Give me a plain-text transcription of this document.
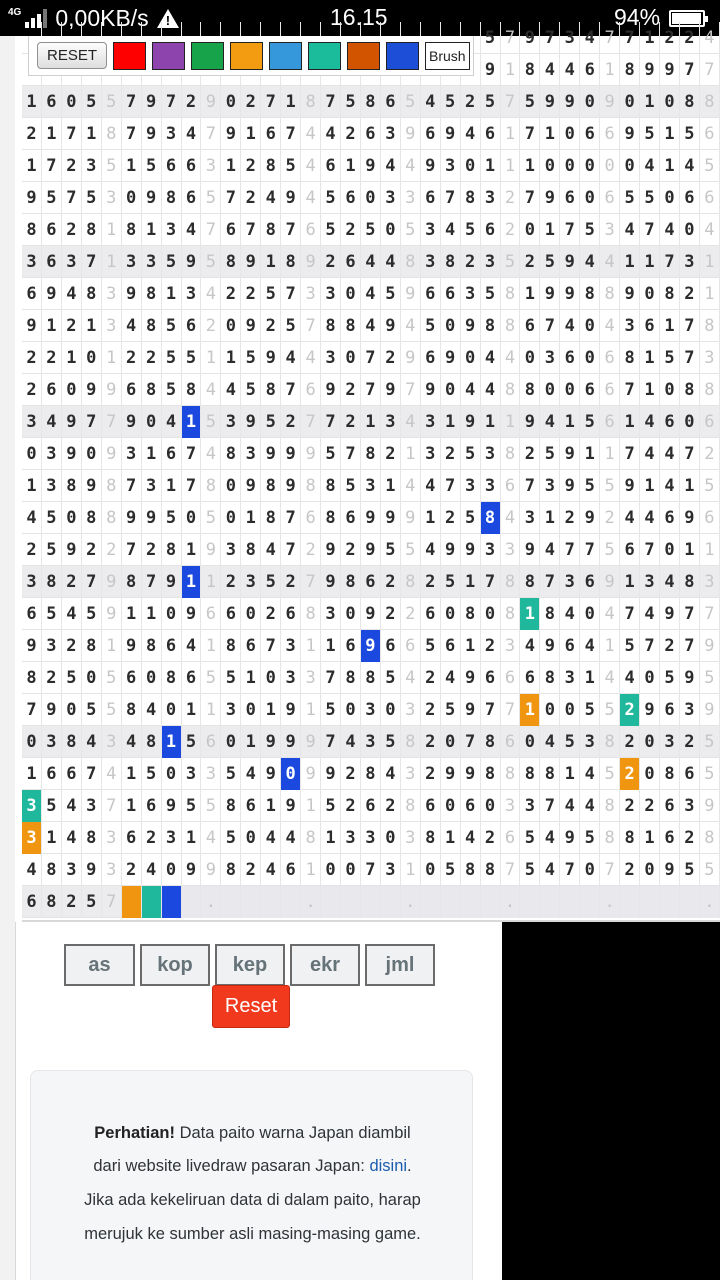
4G 0,00KB/s !	16.15	94%
5 7 9 7 3 4 7 7 1 2 2 4
9 1 8 4 4 6 1 8 9 9 7 7
1 6 0 5 5 7 9 7 2 9 0 2 7 1 8 7 5 8 6 5 4 5 2 5 7 5 9 9 0 9 0 1 0 8 8
2 1 7 1 8 7 9 3 4 7 9 1 6 7 4 4 2 6 3 9 6 9 4 6 1 7 1 0 6 6 9 5 1 5 6
1 7 2 3 5 1 5 6 6 3 1 2 8 5 4 6 1 9 4 4 9 3 0 1 1 1 0 0 0 0 0 4 1 4 5
9 5 7 5 3 0 9 8 6 5 7 2 4 9 4 5 6 0 3 3 6 7 8 3 2 7 9 6 0 6 5 5 0 6 6
8 6 2 8 1 8 1 3 4 7 6 7 8 7 6 5 2 5 0 5 3 4 5 6 2 0 1 7 5 3 4 7 4 0 4
3 6 3 7 1 3 3 5 9 5 8 9 1 8 9 2 6 4 4 8 3 8 2 3 5 2 5 9 4 4 1 1 7 3 1
6 9 4 8 3 9 8 1 3 4 2 2 5 7 3 3 0 4 5 9 6 6 3 5 8 1 9 9 8 8 9 0 8 2 1
9 1 2 1 3 4 8 5 6 2 0 9 2 5 7 8 8 4 9 4 5 0 9 8 8 6 7 4 0 4 3 6 1 7 8
2 2 1 0 1 2 2 5 5 1 1 5 9 4 4 3 0 7 2 9 6 9 0 4 4 0 3 6 0 6 8 1 5 7 3
2 6 0 9 9 6 8 5 8 4 4 5 8 7 6 9 2 7 9 7 9 0 4 4 8 8 0 0 6 6 7 1 0 8 8
3 4 9 7 7 9 0 4 1 5 3 9 5 2 7 7 2 1 3 4 3 1 9 1 1 9 4 1 5 6 1 4 6 0 6
0 3 9 0 9 3 1 6 7 4 8 3 9 9 9 5 7 8 2 1 3 2 5 3 8 2 5 9 1 1 7 4 4 7 2
1 3 8 9 8 7 3 1 7 8 0 9 8 9 8 8 5 3 1 4 4 7 3 3 6 7 3 9 5 5 9 1 4 1 5
4 5 0 8 8 9 9 5 0 5 0 1 8 7 6 8 6 9 9 9 1 2 5 8 4 3 1 2 9 2 4 4 6 9 6
2 5 9 2 2 7 2 8 1 9 3 8 4 7 2 9 2 9 5 5 4 9 9 3 3 9 4 7 7 5 6 7 0 1 1
3 8 2 7 9 8 7 9 1 1 2 3 5 2 7 9 8 6 2 8 2 5 1 7 8 8 7 3 6 9 1 3 4 8 3
6 5 4 5 9 1 1 0 9 6 6 0 2 6 8 3 0 9 2 2 6 0 8 0 8 1 8 4 0 4 7 4 9 7 7
9 3 2 8 1 9 8 6 4 1 8 6 7 3 1 1 6 9 6 6 5 6 1 2 3 4 9 6 4 1 5 7 2 7 9
8 2 5 0 5 6 0 8 6 5 5 1 0 3 3 7 8 8 5 4 2 4 9 6 6 6 8 3 1 4 4 0 5 9 5
7 9 0 5 5 8 4 0 1 1 3 0 1 9 1 5 0 3 0 3 2 5 9 7 7 1 0 0 5 5 2 9 6 3 9
0 3 8 4 3 4 8 1 5 6 0 1 9 9 9 7 4 3 5 8 2 0 7 8 6 0 4 5 3 8 2 0 3 2 5
1 6 6 7 4 1 5 0 3 3 5 4 9 0 9 9 2 8 4 3 2 9 9 8 8 8 8 1 4 5 2 0 8 6 5
3 5 4 3 7 1 6 9 5 5 8 6 1 9 1 5 2 6 2 8 6 0 6 0 3 3 7 4 4 8 2 2 6 3 9
3 1 4 8 3 6 2 3 1 4 5 0 4 4 8 1 3 3 0 3 8 1 4 2 6 5 4 9 5 8 8 1 6 2 8
4 8 3 9 3 2 4 0 9 9 8 2 4 6 1 0 0 7 3 1 0 5 8 8 7 5 4 7 0 7 2 0 9 5 5
6 8 2 5 7	.	.	.	.	.	.
RESET	Brush
as	kop	kep	ekr	jml
Reset

Perhatian! Data paito warna Japan diambil

dari website livedraw pasaran Japan: disini.

Jika ada kekeliruan data di dalam paito, harap

merujuk ke sumber asli masing-masing game.
